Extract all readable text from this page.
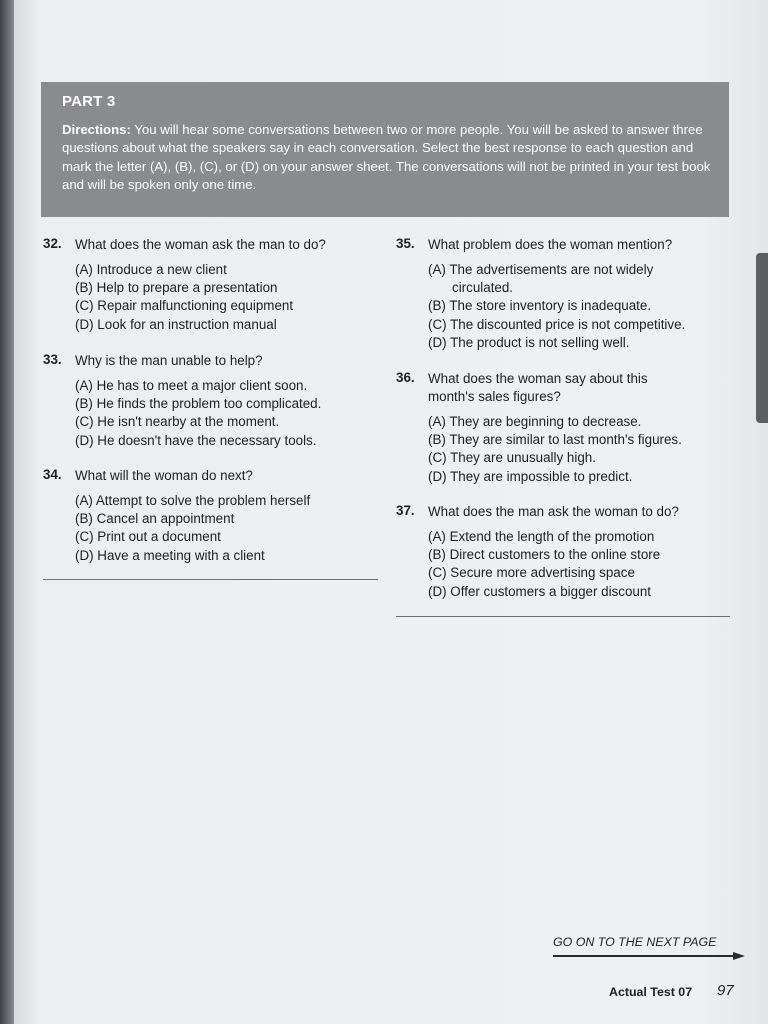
PART 3
Directions: You will hear some conversations between two or more people. You will be asked to answer three questions about what the speakers say in each conversation. Select the best response to each question and mark the letter (A), (B), (C), or (D) on your answer sheet. The conversations will not be printed in your test book and will be spoken only one time.
32. What does the woman ask the man to do?
(A) Introduce a new client
(B) Help to prepare a presentation
(C) Repair malfunctioning equipment
(D) Look for an instruction manual
33. Why is the man unable to help?
(A) He has to meet a major client soon.
(B) He finds the problem too complicated.
(C) He isn't nearby at the moment.
(D) He doesn't have the necessary tools.
34. What will the woman do next?
(A) Attempt to solve the problem herself
(B) Cancel an appointment
(C) Print out a document
(D) Have a meeting with a client
35. What problem does the woman mention?
(A) The advertisements are not widely
circulated.
(B) The store inventory is inadequate.
(C) The discounted price is not competitive.
(D) The product is not selling well.
36. What does the woman say about this
month's sales figures?
(A) They are beginning to decrease.
(B) They are similar to last month's figures.
(C) They are unusually high.
(D) They are impossible to predict.
37. What does the man ask the woman to do?
(A) Extend the length of the promotion
(B) Direct customers to the online store
(C) Secure more advertising space
(D) Offer customers a bigger discount
GO ON TO THE NEXT PAGE
Actual Test 07 97
